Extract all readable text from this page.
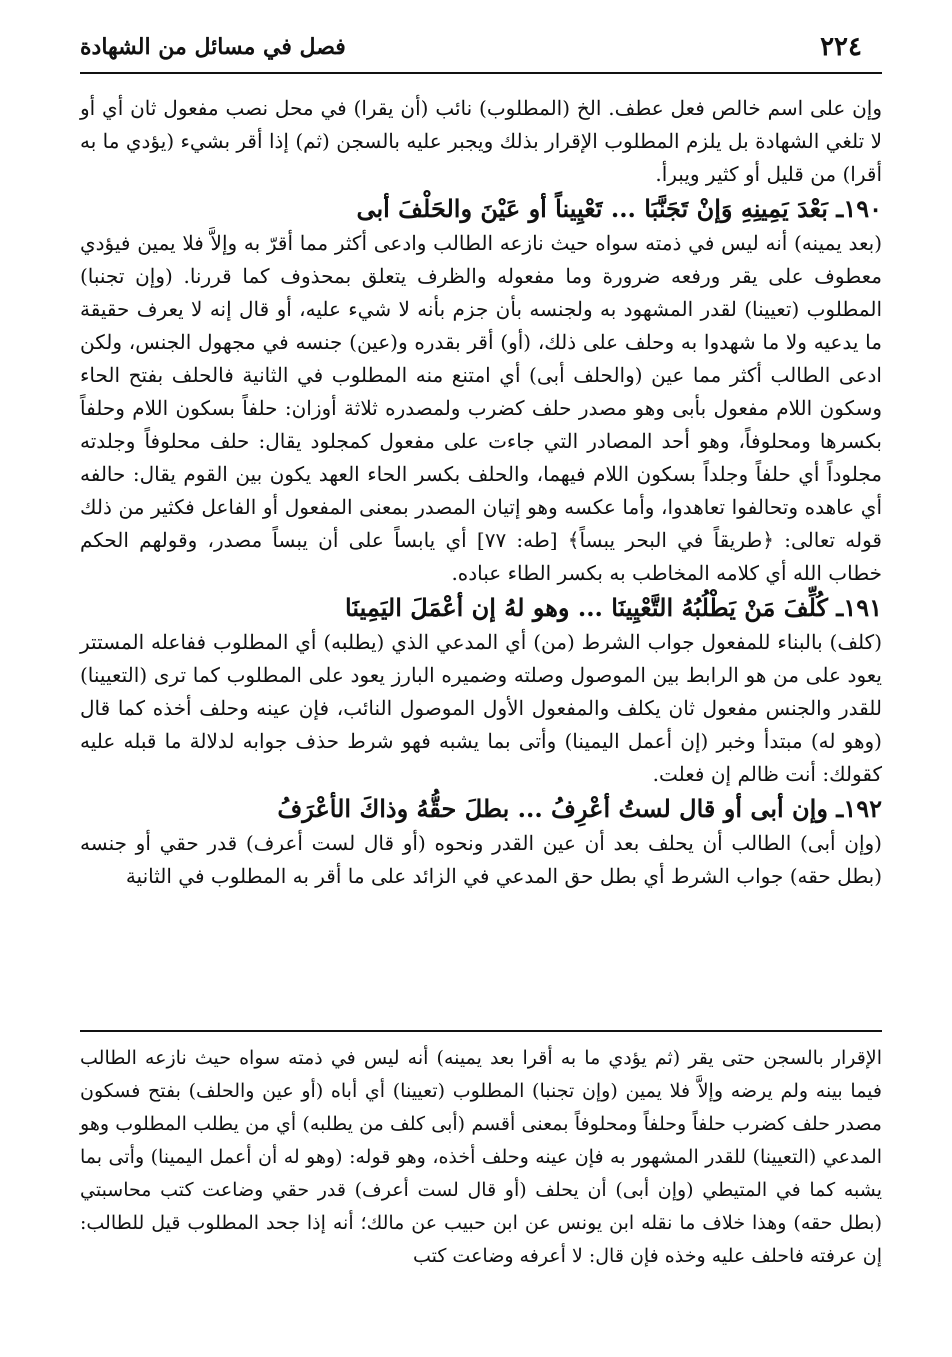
٢٢٤
فصل في مسائل من الشهادة

وإن على اسم خالص فعل عطف. الخ (المطلوب) نائب (أن يقرا) في محل نصب مفعول ثان أي أو لا تلغي الشهادة بل يلزم المطلوب الإقرار بذلك ويجبر عليه بالسجن (ثم) إذا أقر بشيء (يؤدي ما به أقرا) من قليل أو كثير ويبرأ.

١٩٠ـ بَعْدَ يَمِينِهِ وَإنْ تَجَنَّبَا ... تَعْيِيناً أو عَيْنَ والحَلْفَ أبى

(بعد يمينه) أنه ليس في ذمته سواه حيث نازعه الطالب وادعى أكثر مما أقرّ به وإلاَّ فلا يمين فيؤدي معطوف على يقر ورفعه ضرورة وما مفعوله والظرف يتعلق بمحذوف كما قررنا. (وإن تجنبا) المطلوب (تعيينا) لقدر المشهود به ولجنسه بأن جزم بأنه لا شيء عليه، أو قال إنه لا يعرف حقيقة ما يدعيه ولا ما شهدوا به وحلف على ذلك، (أو) أقر بقدره و(عين) جنسه في مجهول الجنس، ولكن ادعى الطالب أكثر مما عين (والحلف أبى) أي امتنع منه المطلوب في الثانية فالحلف بفتح الحاء وسكون اللام مفعول بأبى وهو مصدر حلف كضرب ولمصدره ثلاثة أوزان: حلفاً بسكون اللام وحلفاً بكسرها ومحلوفاً، وهو أحد المصادر التي جاءت على مفعول كمجلود يقال: حلف محلوفاً وجلدته مجلوداً أي حلفاً وجلداً بسكون اللام فيهما، والحلف بكسر الحاء العهد يكون بين القوم يقال: حالفه أي عاهده وتحالفوا تعاهدوا، وأما عكسه وهو إتيان المصدر بمعنى المفعول أو الفاعل فكثير من ذلك قوله تعالى: ﴿طريقاً في البحر يبساً﴾ [طه: ٧٧] أي يابساً على أن يبساً مصدر، وقولهم الحكم خطاب الله أي كلامه المخاطب به بكسر الطاء عباده.

١٩١ـ كُلِّفَ مَنْ يَطْلُبُهُ التَّعْيِينَا ... وهو لهُ إن أعْمَلَ اليَمِينَا

(كلف) بالبناء للمفعول جواب الشرط (من) أي المدعي الذي (يطلبه) أي المطلوب ففاعله المستتر يعود على من هو الرابط بين الموصول وصلته وضميره البارز يعود على المطلوب كما ترى (التعيينا) للقدر والجنس مفعول ثان يكلف والمفعول الأول الموصول النائب، فإن عينه وحلف أخذه كما قال (وهو له) مبتدأ وخبر (إن أعمل اليمينا) وأتى بما يشبه فهو شرط حذف جوابه لدلالة ما قبله عليه كقولك: أنت ظالم إن فعلت.

١٩٢ـ وإن أبى أو قال لستُ أعْرِفُ ... بطلَ حقُّهُ وذاكَ الأعْرَفُ

(وإن أبى) الطالب أن يحلف بعد أن عين القدر ونحوه (أو قال لست أعرف) قدر حقي أو جنسه (بطل حقه) جواب الشرط أي بطل حق المدعي في الزائد على ما أقر به المطلوب في الثانية

الإقرار بالسجن حتى يقر (ثم يؤدي ما به أقرا بعد يمينه) أنه ليس في ذمته سواه حيث نازعه الطالب فيما بينه ولم يرضه وإلاَّ فلا يمين (وإن تجنبا) المطلوب (تعيينا) أي أباه (أو عين والحلف) بفتح فسكون مصدر حلف كضرب حلفاً وحلفاً ومحلوفاً بمعنى أقسم (أبى كلف من يطلبه) أي من يطلب المطلوب وهو المدعي (التعيينا) للقدر المشهور به فإن عينه وحلف أخذه، وهو قوله: (وهو له أن أعمل اليمينا) وأتى بما يشبه كما في المتيطي (وإن أبى) أن يحلف (أو قال لست أعرف) قدر حقي وضاعت كتب محاسبتي (بطل حقه) وهذا خلاف ما نقله ابن يونس عن ابن حبيب عن مالك؛ أنه إذا جحد المطلوب قيل للطالب: إن عرفته فاحلف عليه وخذه فإن قال: لا أعرفه وضاعت كتب
